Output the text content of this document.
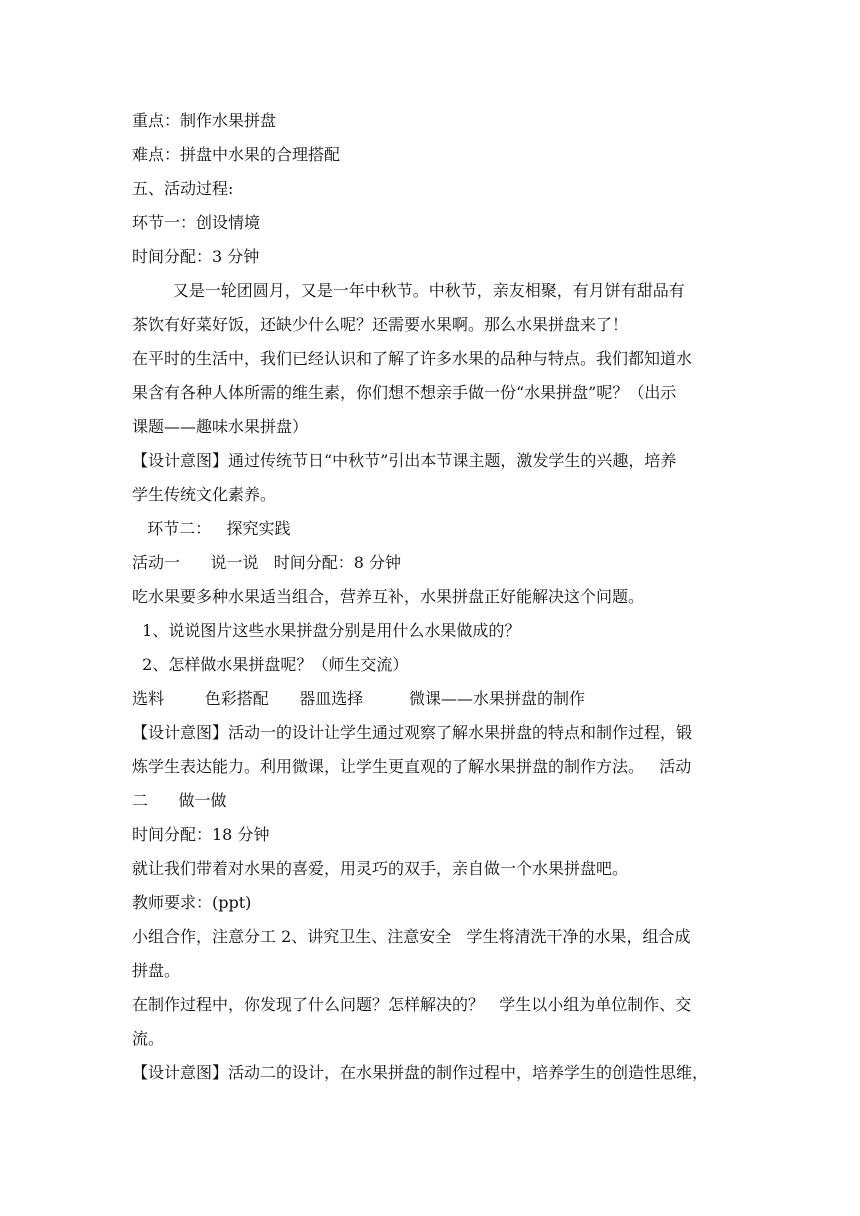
重点：制作水果拼盘
难点：拼盘中水果的合理搭配
五、活动过程:
环节一：创设情境
时间分配：3 分钟
又是一轮团圆月，又是一年中秋节。中秋节，亲友相聚，有月饼有甜品有
茶饮有好菜好饭，还缺少什么呢？还需要水果啊。那么水果拼盘来了！
在平时的生活中，我们已经认识和了解了许多水果的品种与特点。我们都知道水
果含有各种人体所需的维生素，你们想不想亲手做一份“水果拼盘”呢？（出示
课题——趣味水果拼盘）
【设计意图】通过传统节日“中秋节”引出本节课主题，激发学生的兴趣，培养
学生传统文化素养。
环节二：   探究实践
活动一      说一说   时间分配：8 分钟
吃水果要多种水果适当组合，营养互补，水果拼盘正好能解决这个问题。
1、说说图片这些水果拼盘分别是用什么水果做成的？
2、怎样做水果拼盘呢？（师生交流）
选料        色彩搭配      器皿选择         微课——水果拼盘的制作
【设计意图】活动一的设计让学生通过观察了解水果拼盘的特点和制作过程，锻
炼学生表达能力。利用微课，让学生更直观的了解水果拼盘的制作方法。   活动
二      做一做
时间分配：18 分钟
就让我们带着对水果的喜爱，用灵巧的双手，亲自做一个水果拼盘吧。
教师要求：(ppt)
小组合作，注意分工 2、讲究卫生、注意安全   学生将清洗干净的水果，组合成
拼盘。
在制作过程中，你发现了什么问题？怎样解决的？   学生以小组为单位制作、交
流。
【设计意图】活动二的设计，在水果拼盘的制作过程中，培养学生的创造性思维，
